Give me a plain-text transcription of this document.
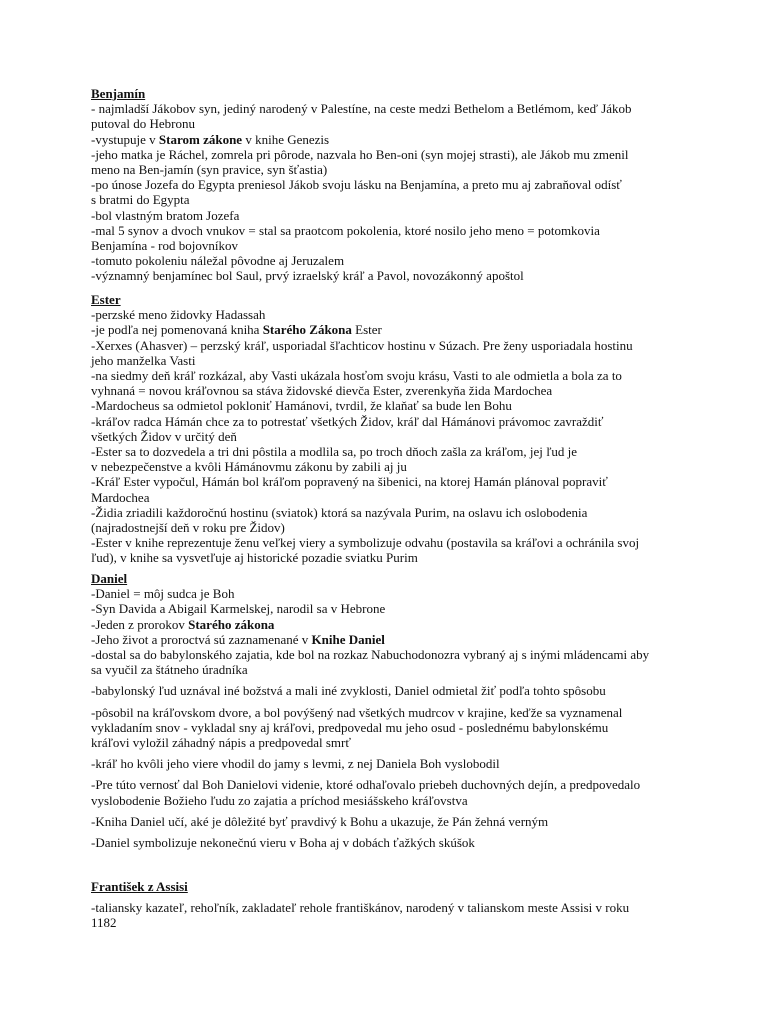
Benjamín
- najmladší Jákobov syn, jediný narodený v Palestíne, na ceste medzi Bethelom a Betlémom, keď Jákob
putoval do Hebronu
-vystupuje v Starom zákone v knihe Genezis
-jeho matka je Ráchel, zomrela pri pôrode, nazvala ho Ben-oni (syn mojej strasti), ale Jákob mu zmenil
meno na Ben-jamín (syn pravice, syn šťastia)
-po únose Jozefa do Egypta preniesol Jákob svoju lásku na Benjamína, a preto mu aj zabraňoval odísť
s bratmi do Egypta
-bol vlastným bratom Jozefa
-mal 5 synov a dvoch vnukov = stal sa praotcom pokolenia, ktoré nosilo jeho meno = potomkovia
Benjamína - rod bojovníkov
-tomuto pokoleniu náležal pôvodne aj Jeruzalem
-významný benjamínec bol Saul, prvý izraelský kráľ a Pavol, novozákonný apoštol
Ester
-perzské meno židovky Hadassah
-je podľa nej pomenovaná kniha Starého Zákona Ester
-Xerxes (Ahasver) – perzský kráľ, usporiadal šľachticov hostinu v Súzach. Pre ženy usporiadala hostinu
jeho manželka Vasti
-na siedmy deň kráľ rozkázal, aby Vasti ukázala hosťom svoju krásu, Vasti to ale odmietla a bola za to
vyhnaná = novou kráľovnou sa stáva židovské dievča Ester, zverenkyňa žida Mardochea
-Mardocheus sa odmietol pokloniť Hamánovi, tvrdil, že klaňať sa bude len Bohu
-kráľov radca Hámán chce za to potrestať všetkých Židov, kráľ dal Hámánovi právomoc zavraždiť
všetkých Židov v určitý deň
-Ester sa to dozvedela a tri dni pôstila a modlila sa, po troch dňoch zašla za kráľom, jej ľud je
v nebezpečenstve a kvôli Hámánovmu zákonu by zabili aj ju
-Kráľ Ester vypočul, Hámán bol kráľom popravený na šibenici, na ktorej Hamán plánoval popraviť
Mardochea
-Židia zriadili každoročnú hostinu (sviatok) ktorá sa nazývala Purim, na oslavu ich oslobodenia
(najradostnejší deň v roku pre Židov)
-Ester v knihe reprezentuje ženu veľkej viery a symbolizuje odvahu (postavila sa kráľovi a ochránila svoj
ľud), v knihe sa vysvetľuje aj historické pozadie sviatku Purim
Daniel
-Daniel = môj sudca je Boh
-Syn Davida a Abigail Karmelskej, narodil sa v Hebrone
-Jeden z prorokov Starého zákona
-Jeho život a proroctvá sú zaznamenané v Knihe Daniel
-dostal sa do babylonského zajatia, kde bol na rozkaz Nabuchodonozra vybraný aj s inými mládencami aby
sa vyučil za štátneho úradníka
-babylonský ľud uznával iné božstvá a mali iné zvyklosti, Daniel odmietal žiť podľa tohto spôsobu
-pôsobil na kráľovskom dvore, a bol povýšený nad všetkých mudrcov v krajine, keďže sa vyznamenal
vykladaním snov - vykladal sny aj kráľovi, predpovedal mu jeho osud - poslednému babylonskému
kráľovi vyložil záhadný nápis a predpovedal smrť
-kráľ ho kvôli jeho viere vhodil do jamy s levmi, z nej Daniela Boh vyslobodil
-Pre túto vernosť dal Boh Danielovi videnie, ktoré odhaľovalo priebeh duchovných dejín, a predpovedalo
vyslobodenie Božieho ľudu zo zajatia a príchod mesiášskeho kráľovstva
-Kniha Daniel učí, aké je dôležité byť pravdivý k Bohu a ukazuje, že Pán žehná verným
-Daniel symbolizuje nekonečnú vieru v Boha aj v dobách ťažkých skúšok
František z Assisi
-taliansky kazateľ, rehoľník, zakladateľ rehole františkánov, narodený v talianskom meste Assisi v roku
1182
